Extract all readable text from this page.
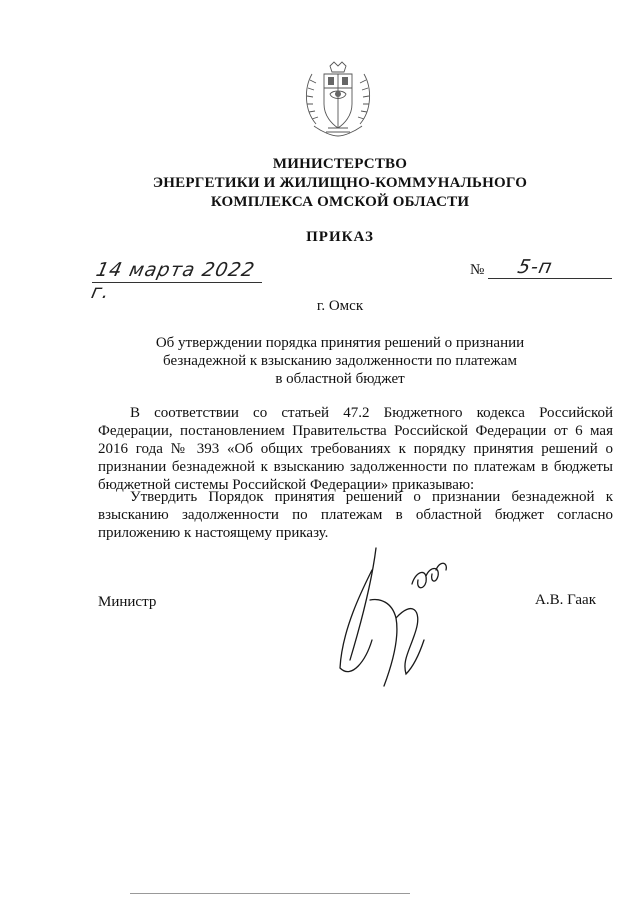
МИНИСТЕРСТВО
ЭНЕРГЕТИКИ И ЖИЛИЩНО-КОММУНАЛЬНОГО
КОМПЛЕКСА ОМСКОЙ ОБЛАСТИ
ПРИКАЗ
14 марта 2022 г.
№ 5-п
г. Омск
Об утверждении порядка принятия решений о признании
безнадежной к взысканию задолженности по платежам
в областной бюджет
В соответствии со статьей 47.2 Бюджетного кодекса Российской
Федерации, постановлением Правительства Российской Федерации от 6 мая
2016 года № 393 «Об общих требованиях к порядку принятия решений о
признании безнадежной к взысканию задолженности по платежам в бюджеты
бюджетной системы Российской Федерации» приказываю:
Утвердить Порядок принятия решений о признании безнадежной к
взысканию задолженности по платежам в областной бюджет согласно
приложению к настоящему приказу.
Министр	А.В. Гаак
